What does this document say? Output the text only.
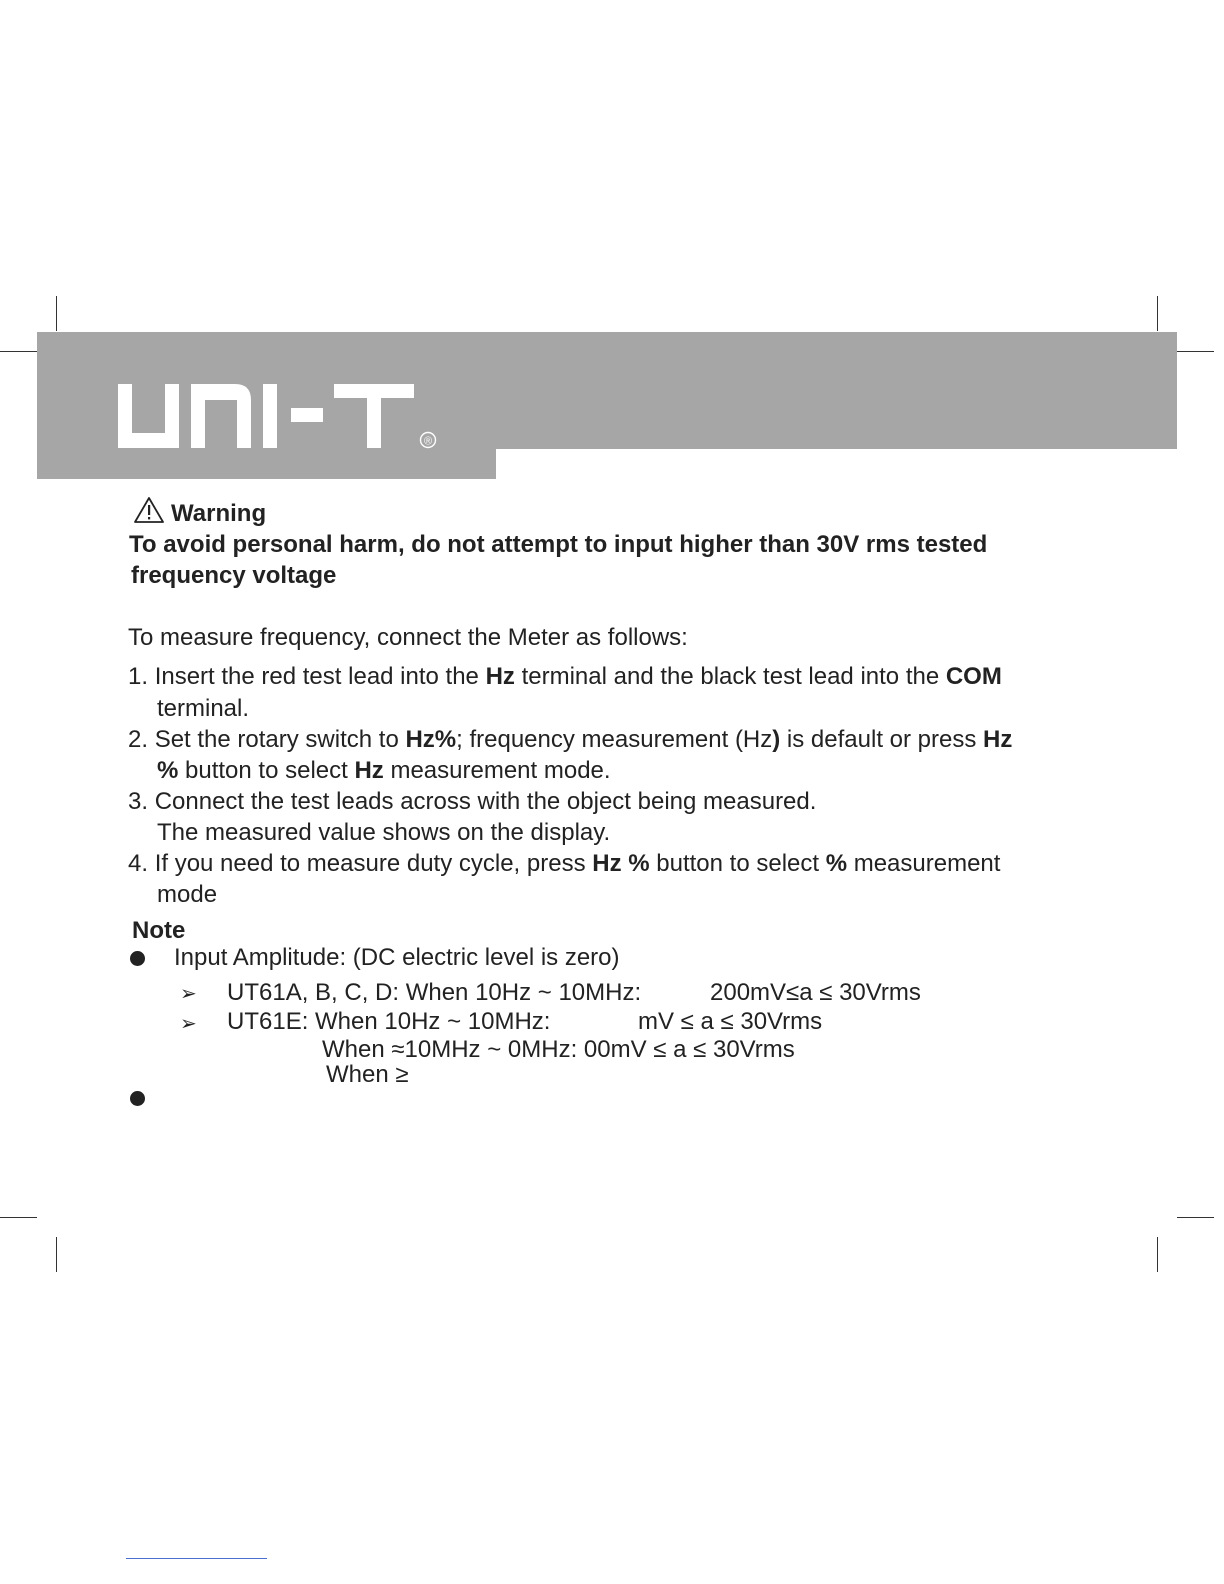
®
Warning
To avoid personal harm, do not attempt to input higher than 30V rms tested
frequency voltage
To measure frequency, connect the Meter as follows:
1. Insert the red test lead into the Hz terminal and the black test lead into the COM
terminal.
2. Set the rotary switch to Hz%; frequency measurement (Hz) is default or press Hz
% button to select Hz measurement mode.
3. Connect the test leads across with the object being measured.
The measured value shows on the display.
4. If you need to measure duty cycle, press Hz % button to select % measurement
mode
Note
Input Amplitude: (DC electric level is zero)
➢ UT61A, B, C, D: When 10Hz ~ 10MHz:	200mV≤a ≤ 30Vrms
➢ UT61E: When 10Hz ~ 10MHz:	mV ≤ a ≤ 30Vrms
When ≈10MHz ~ 0MHz: 00mV ≤ a ≤ 30Vrms
When ≥
